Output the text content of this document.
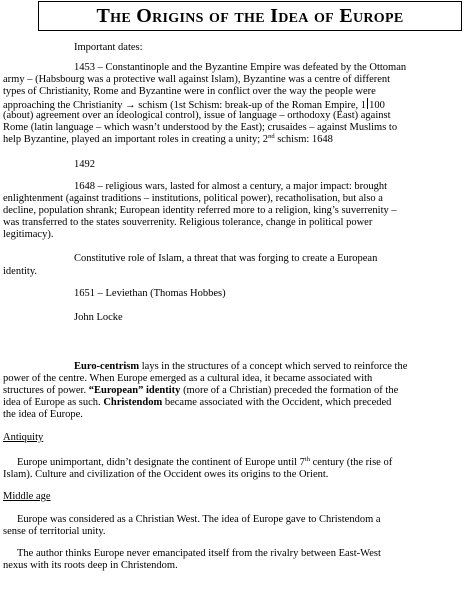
The Origins of the Idea of Europe

Important dates:

1453 – Constantinople and the Byzantine Empire was defeated by the Ottoman

army – (Habsbourg was a protective wall against Islam), Byzantine was a centre of different

types of Christianity, Rome and Byzantine were in conflict over the way the people were

approaching the Christianity → schism (1st Schism: break-up of the Roman Empire, 1 100

(about) agreement over an ideological control), issue of language – orthodoxy (East) against

Rome (latin language – which wasn’t understood by the East); crusaides – against Muslims to

help Byzantine, played an important roles in creating a unity; 2nd schism: 1648

1492

1648 – religious wars, lasted for almost a century, a major impact: brought

enlightenment (against traditions – institutions, political power), recatholisation, but also a

decline, population shrank; European identity referred more to a religion, king’s suverrenity –

was transferred to the states souverrenity. Religious tolerance, change in political power

legitimacy).

Constitutive role of Islam, a threat that was forging to create a European

identity.

1651 – Leviethan (Thomas Hobbes)

John Locke

Euro-centrism lays in the structures of a concept which served to reinforce the

power of the centre. When Europe emerged as a cultural idea, it became associated with

structures of power. “European” identity (more of a Christian) preceded the formation of the

idea of Europe as such. Christendom became associated with the Occident, which preceded

the idea of Europe.

Antiquity

Europe unimportant, didn’t designate the continent of Europe until 7th century (the rise of

Islam). Culture and civilization of the Occident owes its origins to the Orient.

Middle age

Europe was considered as a Christian West. The idea of Europe gave to Christendom a

sense of territorial unity.

The author thinks Europe never emancipated itself from the rivalry between East-West

nexus with its roots deep in Christendom.
